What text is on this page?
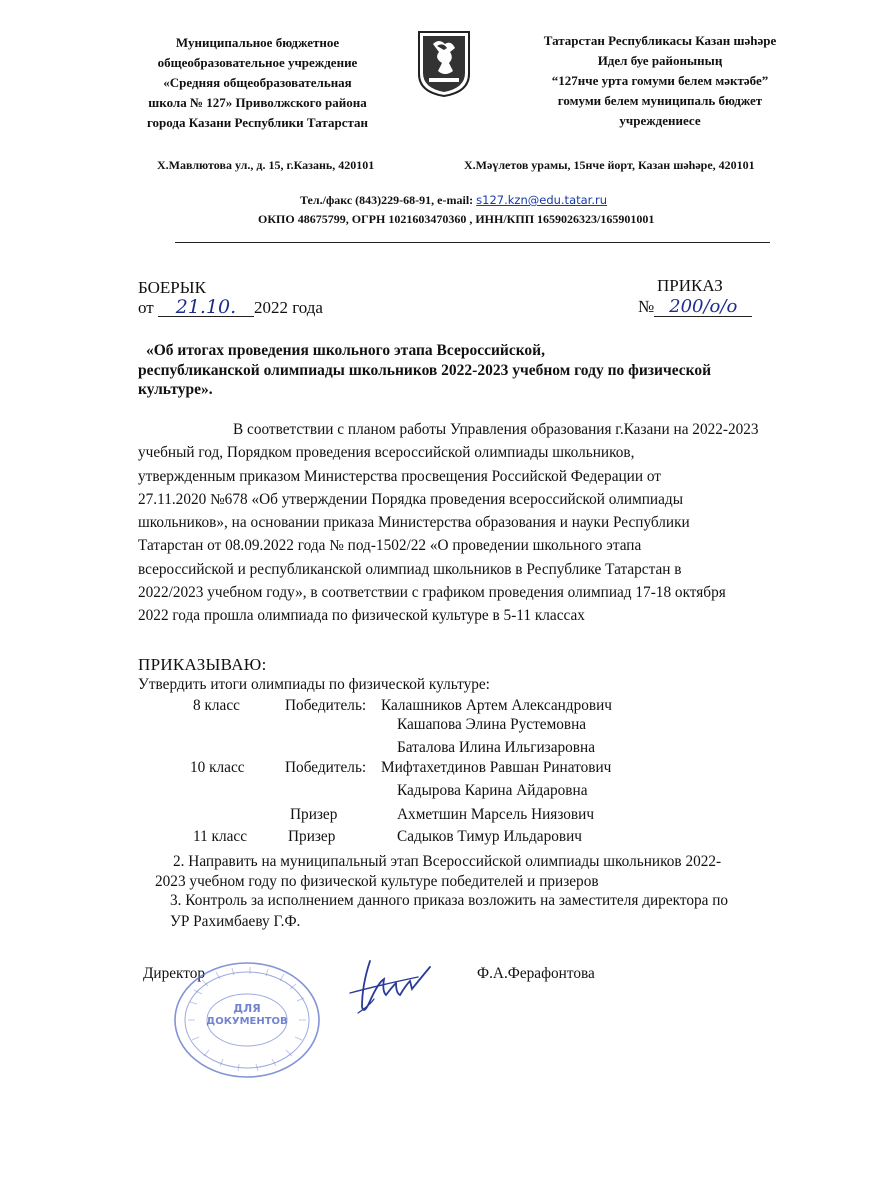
Муниципальное бюджетное
общеобразовательное учреждение
«Средняя общеобразовательная
школа № 127» Приволжского района
города Казани Республики Татарстан
Татарстан Республикасы Казан шәһәре
Идел буе районының
“127нче урта гомуми белем мәктәбе”
гомуми белем муниципаль бюджет
учреждениесе
Х.Мавлютова ул., д. 15, г.Казань, 420101	Х.Мәүлетов урамы, 15нче йорт, Казан шәһәре, 420101
Тел./факс (843)229-68-91, e-mail: s127.kzn@edu.tatar.ru
ОКПО 48675799, ОГРН 1021603470360 , ИНН/КПП 1659026323/165901001
БОЕРЫК
от 21.10. 2022 года
ПРИКАЗ
№ 200/о/о
«Об итогах проведения школьного этапа Всероссийской,
республиканской олимпиады школьников 2022-2023 учебном году по физической
культуре».
В соответствии с планом работы Управления образования г.Казани на 2022-2023
учебный год, Порядком проведения всероссийской олимпиады школьников,
утвержденным приказом Министерства просвещения Российской Федерации от
27.11.2020 №678 «Об утверждении Порядка проведения всероссийской олимпиады
школьников», на основании приказа Министерства образования и науки Республики
Татарстан от 08.09.2022 года № под-1502/22 «О проведении школьного этапа
всероссийской и республиканской олимпиад школьников в Республике Татарстан в
2022/2023 учебном году», в соответствии с графиком проведения олимпиад 17-18 октября
2022 года прошла олимпиада по физической культуре в 5-11 классах
ПРИКАЗЫВАЮ:
Утвердить итоги олимпиады по физической культуре:
8 класс	Победитель: Калашников Артем Александрович
Кашапова Элина Рустемовна
Баталова Илина Ильгизаровна
10 класс	Победитель: Мифтахетдинов Равшан Ринатович
Кадырова Карина Айдаровна
Призер	Ахметшин Марсель Ниязович
11 класс	Призер	Садыков Тимур Ильдарович
2. Направить на муниципальный этап Всероссийской олимпиады школьников 2022-
2023 учебном году по физической культуре победителей и призеров
3. Контроль за исполнением данного приказа возложить на заместителя директора по
УР Рахимбаеву Г.Ф.
Директор	Ф.А.Ферафонтова
ДЛЯ
ДОКУМЕНТОВ
